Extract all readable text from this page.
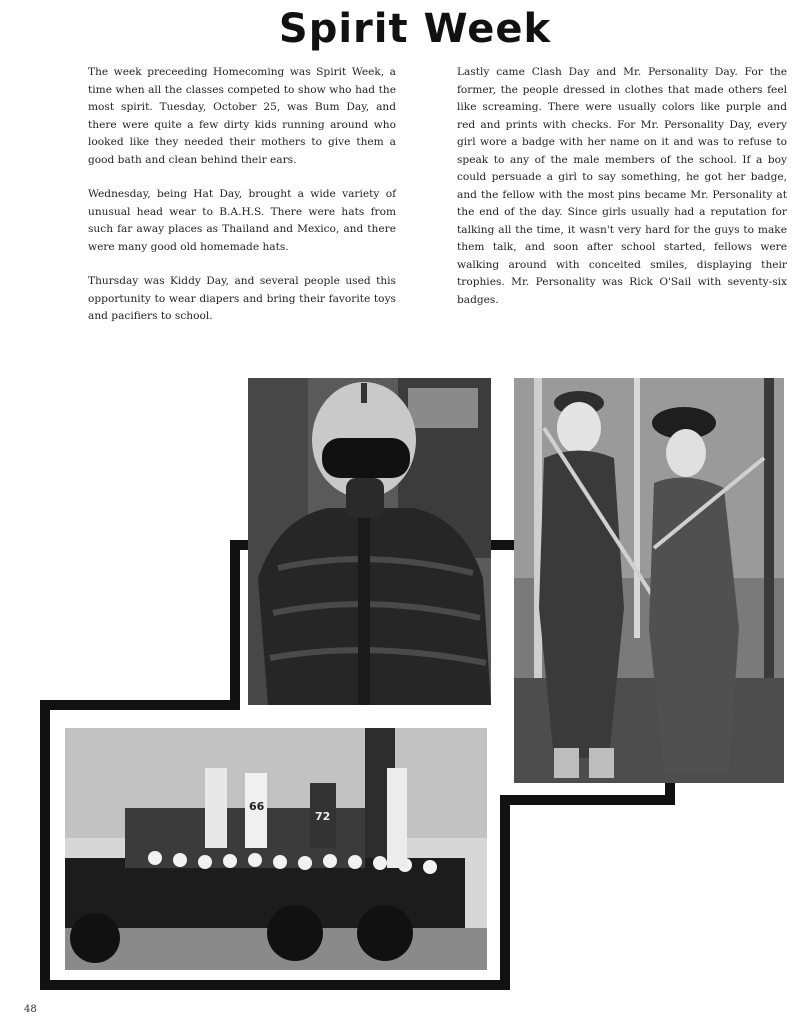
Spirit Week

The week preceeding Homecoming was Spirit Week, a time when all the classes competed to show who had the most spirit. Tuesday, October 25, was Bum Day, and there were quite a few dirty kids running around who looked like they needed their mothers to give them a good bath and clean behind their ears.

Wednesday, being Hat Day, brought a wide variety of unusual head wear to B.A.H.S. There were hats from such far away places as Thailand and Mexico, and there were many good old homemade hats.

Thursday was Kiddy Day, and several people used this opportunity to wear diapers and bring their favorite toys and pacifiers to school.

Lastly came Clash Day and Mr. Personality Day. For the former, the people dressed in clothes that made others feel like screaming. There were usually colors like purple and red and prints with checks. For Mr. Personality Day, every girl wore a badge with her name on it and was to refuse to speak to any of the male members of the school. If a boy could persuade a girl to say something, he got her badge, and the fellow with the most pins became Mr. Personality at the end of the day. Since girls usually had a reputation for talking all the time, it wasn't very hard for the guys to make them talk, and soon after school started, fellows were walking around with conceited smiles, displaying their trophies. Mr. Personality was Rick O'Sail with seventy-six badges.

66
72
48
